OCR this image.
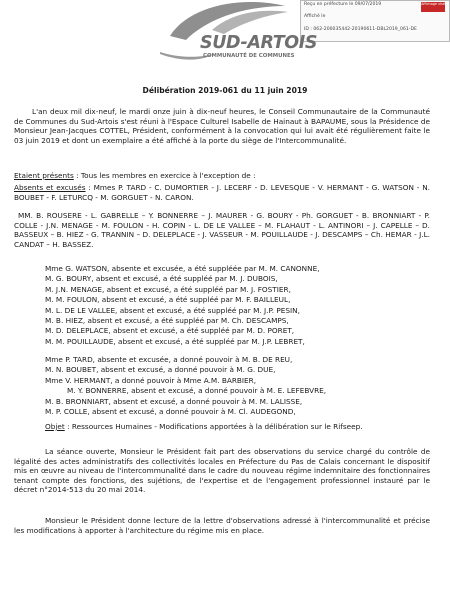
Reçu en préfecture le 09/07/2019
Affiché le
ID : 062-200035442-20190611-DBL2019_061-DE
Affichage visé
SUD-ARTOIS
COMMUNAUTÉ DE COMMUNES
Délibération 2019-061 du 11 juin 2019

L'an deux mil dix-neuf, le mardi onze juin à dix-neuf heures, le Conseil Communautaire de la Communauté de Communes du Sud-Artois s'est réuni à l'Espace Culturel Isabelle de Hainaut à BAPAUME, sous la Présidence de Monsieur Jean-Jacques COTTEL, Président, conformément à la convocation qui lui avait été régulièrement faite le 03 juin 2019 et dont un exemplaire a été affiché à la porte du siège de l'Intercommunalité.

Etaient présents : Tous les membres en exercice à l'exception de :

Absents et excusés : Mmes P. TARD - C. DUMORTIER - J. LECERF - D. LEVESQUE - V. HERMANT - G. WATSON - N. BOUBET - F. LETURCQ - M. GORGUET - N. CARON.

MM. B. ROUSERE - L. GABRELLE – Y. BONNERRE – J. MAURER - G. BOURY - Ph. GORGUET - B. BRONNIART - P. COLLE - J.N. MENAGE - M. FOULON - H. COPIN - L. DE LE VALLEE – M. FLAHAUT - L. ANTINORI – J. CAPELLE – D. BASSEUX – B. HIEZ - G. TRANNIN – D. DELEPLACE - J. VASSEUR - M. POUILLAUDE - J. DESCAMPS – Ch. HEMAR - J.L. CANDAT – H. BASSEZ.

Mme G. WATSON, absente et excusée, a été suppléée par M. M. CANONNE,
M. G. BOURY, absent et excusé, a été suppléé par M. J. DUBOIS,
M. J.N. MENAGE, absent et excusé, a été suppléé par M. J. FOSTIER,
M. M. FOULON, absent et excusé, a été suppléé par M. F. BAILLEUL,
M. L. DE LE VALLEE, absent et excusé, a été suppléé par M. J.P. PESIN,
M. B. HIEZ, absent et excusé, a été suppléé par M. Ch. DESCAMPS,
M. D. DELEPLACE, absent et excusé, a été suppléé par M. D. PORET,
M. M. POUILLAUDE, absent et excusé, a été suppléé par M. J.P. LEBRET,
Mme P. TARD, absente et excusée, a donné pouvoir à M. B. DE REU,
M. N. BOUBET, absent et excusé, a donné pouvoir à M. G. DUE,
Mme V. HERMANT, a donné pouvoir à Mme A.M. BARBIER,
M. Y. BONNERRE, absent et excusé, a donné pouvoir à M. E. LEFEBVRE,
M. B. BRONNIART, absent et excusé, a donné pouvoir à M. M. LALISSE,
M. P. COLLE, absent et excusé, a donné pouvoir à M. Cl. AUDEGOND,

Objet : Ressources Humaines - Modifications apportées à la délibération sur le Rifseep.

La séance ouverte, Monsieur le Président fait part des observations du service chargé du contrôle de légalité des actes administratifs des collectivités locales en Préfecture du Pas de Calais concernant le dispositif mis en œuvre au niveau de l'intercommunalité dans le cadre du nouveau régime indemnitaire des fonctionnaires tenant compte des fonctions, des sujétions, de l'expertise et de l'engagement professionnel instauré par le décret n°2014-513 du 20 mai 2014.

Monsieur le Président donne lecture de la lettre d'observations adressé à l'intercommunalité et précise les modifications à apporter à l'architecture du régime mis en place.
